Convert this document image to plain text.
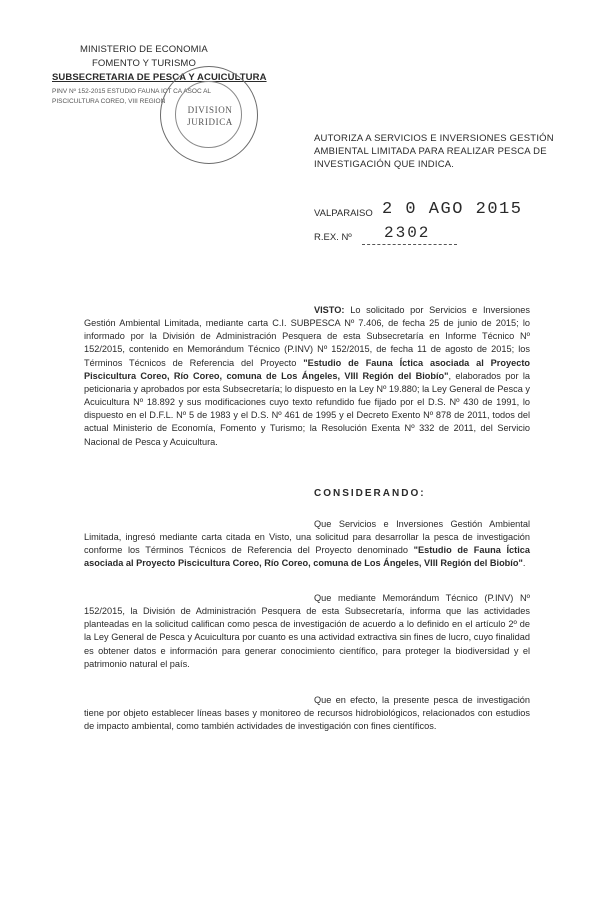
MINISTERIO DE ECONOMIA
FOMENTO Y TURISMO
SUBSECRETARIA DE PESCA Y ACUICULTURA
PINV Nº 152-2015 ESTUDIO FAUNA ICT CA ASOC AL
PISCICULTURA COREO, VIII REGION
DIVISION
JURIDICA
AUTORIZA A SERVICIOS E INVERSIONES GESTIÓN AMBIENTAL LIMITADA PARA REALIZAR PESCA DE INVESTIGACIÓN QUE INDICA.
VALPARAISO 2 0 AGO 2015
R.EX. Nº 2302
VISTO: Lo solicitado por Servicios e Inversiones Gestión Ambiental Limitada, mediante carta C.I. SUBPESCA Nº 7.406, de fecha 25 de junio de 2015; lo informado por la División de Administración Pesquera de esta Subsecretaría en Informe Técnico Nº 152/2015, contenido en Memorándum Técnico (P.INV) Nº 152/2015, de fecha 11 de agosto de 2015; los Términos Técnicos de Referencia del Proyecto "Estudio de Fauna Íctica asociada al Proyecto Piscicultura Coreo, Río Coreo, comuna de Los Ángeles, VIII Región del Biobío", elaborados por la peticionaria y aprobados por esta Subsecretaría; lo dispuesto en la Ley Nº 19.880; la Ley General de Pesca y Acuicultura Nº 18.892 y sus modificaciones cuyo texto refundido fue fijado por el D.S. Nº 430 de 1991, lo dispuesto en el D.F.L. Nº 5 de 1983 y el D.S. Nº 461 de 1995 y el Decreto Exento Nº 878 de 2011, todos del actual Ministerio de Economía, Fomento y Turismo; la Resolución Exenta Nº 332 de 2011, del Servicio Nacional de Pesca y Acuicultura.
CONSIDERANDO:
Que Servicios e Inversiones Gestión Ambiental Limitada, ingresó mediante carta citada en Visto, una solicitud para desarrollar la pesca de investigación conforme los Términos Técnicos de Referencia del Proyecto denominado "Estudio de Fauna Íctica asociada al Proyecto Piscicultura Coreo, Río Coreo, comuna de Los Ángeles, VIII Región del Biobío".
Que mediante Memorándum Técnico (P.INV) Nº 152/2015, la División de Administración Pesquera de esta Subsecretaría, informa que las actividades planteadas en la solicitud califican como pesca de investigación de acuerdo a lo definido en el artículo 2º de la Ley General de Pesca y Acuicultura por cuanto es una actividad extractiva sin fines de lucro, cuyo finalidad es obtener datos e información para generar conocimiento científico, para proteger la biodiversidad y el patrimonio natural el país.
Que en efecto, la presente pesca de investigación tiene por objeto establecer líneas bases y monitoreo de recursos hidrobiológicos, relacionados con estudios de impacto ambiental, como también actividades de investigación con fines científicos.
